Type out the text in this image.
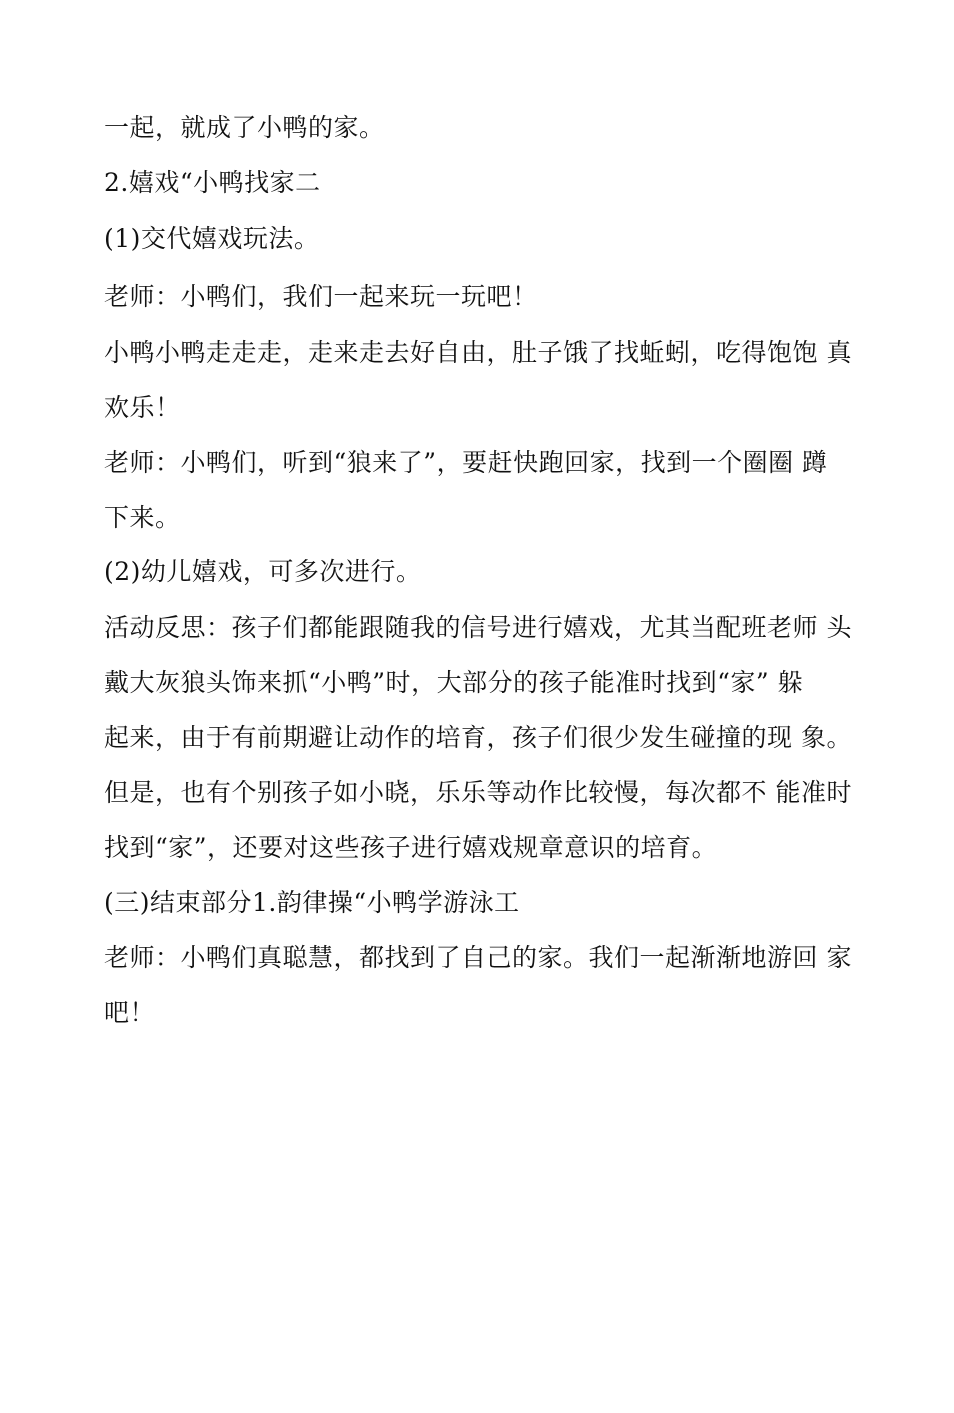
一起，就成了小鸭的家。
2.嬉戏“小鸭找家二
(1)交代嬉戏玩法。
老师：小鸭们，我们一起来玩一玩吧！
小鸭小鸭走走走，走来走去好自由，肚子饿了找蚯蚓，吃得饱饱 真
欢乐！
老师：小鸭们，听到“狼来了”，要赶快跑回家，找到一个圈圈 蹲
下来。
(2)幼儿嬉戏，可多次进行。
活动反思：孩子们都能跟随我的信号进行嬉戏，尤其当配班老师 头
戴大灰狼头饰来抓“小鸭”时，大部分的孩子能准时找到“家” 躲
起来，由于有前期避让动作的培育，孩子们很少发生碰撞的现 象。
但是，也有个别孩子如小晓，乐乐等动作比较慢，每次都不 能准时
找到“家”，还要对这些孩子进行嬉戏规章意识的培育。
(三)结束部分1.韵律操“小鸭学游泳工
老师：小鸭们真聪慧，都找到了自己的家。我们一起渐渐地游回 家
吧！
